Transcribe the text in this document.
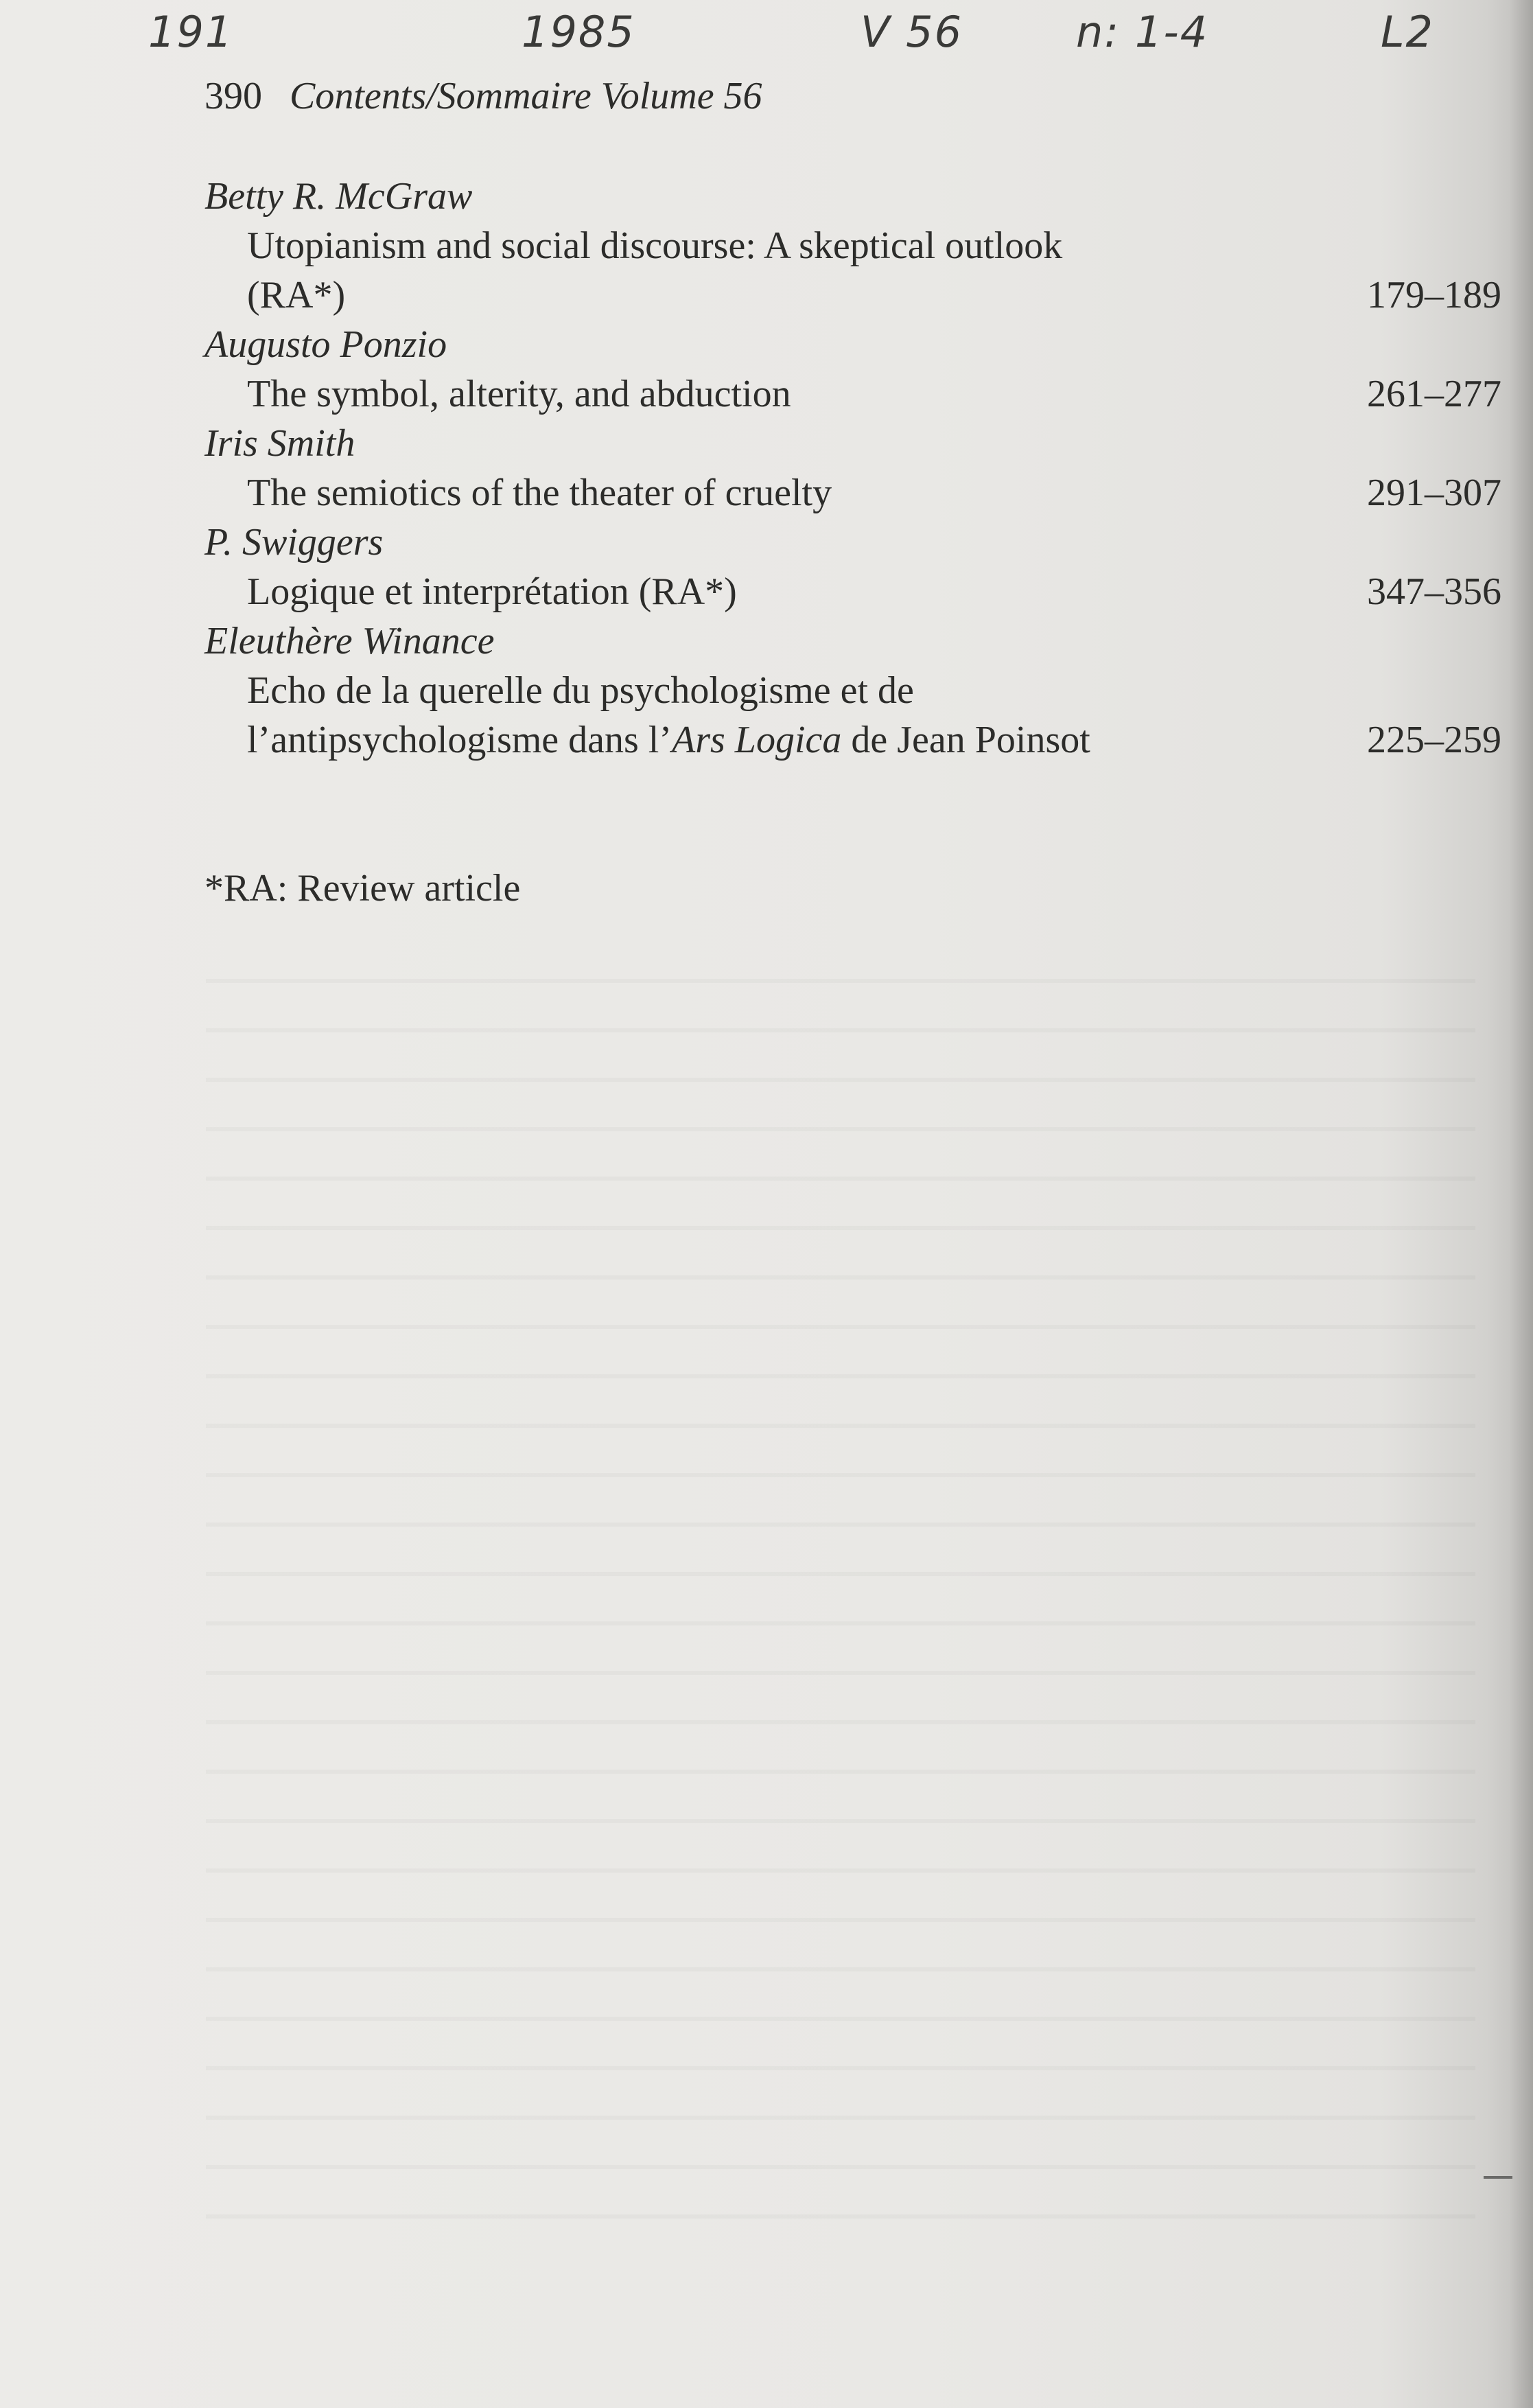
191	1985	V 56	n: 1-4	L2
390 Contents/Sommaire Volume 56
Betty R. McGraw
Utopianism and social discourse: A skeptical outlook
(RA*)	179–189
Augusto Ponzio
The symbol, alterity, and abduction	261–277
Iris Smith
The semiotics of the theater of cruelty	291–307
P. Swiggers
Logique et interprétation (RA*)	347–356
Eleuthère Winance
Echo de la querelle du psychologisme et de
l’antipsychologisme dans l’Ars Logica de Jean Poinsot	225–259
*RA: Review article
